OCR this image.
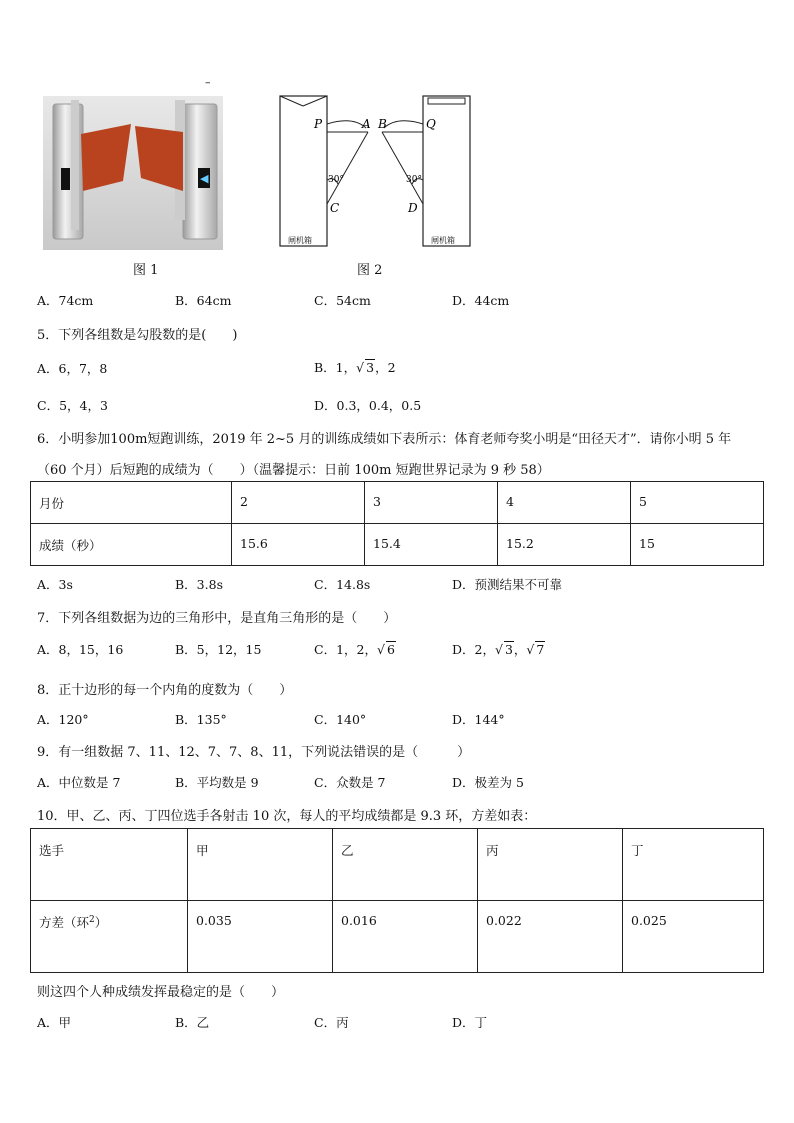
–
◀
图 1
P	A B	Q
30°	30°
C	D
闸机箱	闸机箱
图 2
A．74cm	B．64cm	C．54cm	D．44cm
5．下列各组数是勾股数的是(　　)
A．6，7，8	B．1，√ 3，2
C．5，4，3	D．0.3，0.4，0.5
6．小明参加100m短跑训练，2019 年 2~5 月的训练成绩如下表所示：体育老师夸奖小明是“田径天才”．请你小明 5 年
（60 个月）后短跑的成绩为（　　）（温馨提示：日前 100m 短跑世界记录为 9 秒 58）
月份	2	3	4	5
成绩（秒）	15.6	15.4	15.2	15
A．3s	B．3.8s	C．14.8s	D．预测结果不可靠
7．下列各组数据为边的三角形中，是直角三角形的是（　　）
A．8，15，16	B．5，12，15	C．1，2，√ 6	D．2，√ 3，√ 7
8．正十边形的每一个内角的度数为（　　）
A．120°	B．135°	C．140°	D．144°
9．有一组数据 7、11、12、7、7、8、11，下列说法错误的是（　　　）
A．中位数是 7	B．平均数是 9	C．众数是 7	D．极差为 5
10．甲、乙、丙、丁四位选手各射击 10 次，每人的平均成绩都是 9.3 环，方差如表：
选手	甲	乙	丙	丁
方差（环$^2$）	0.035	0.016	0.022	0.025
则这四个人种成绩发挥最稳定的是（　　）
A．甲	B．乙	C．丙	D．丁
